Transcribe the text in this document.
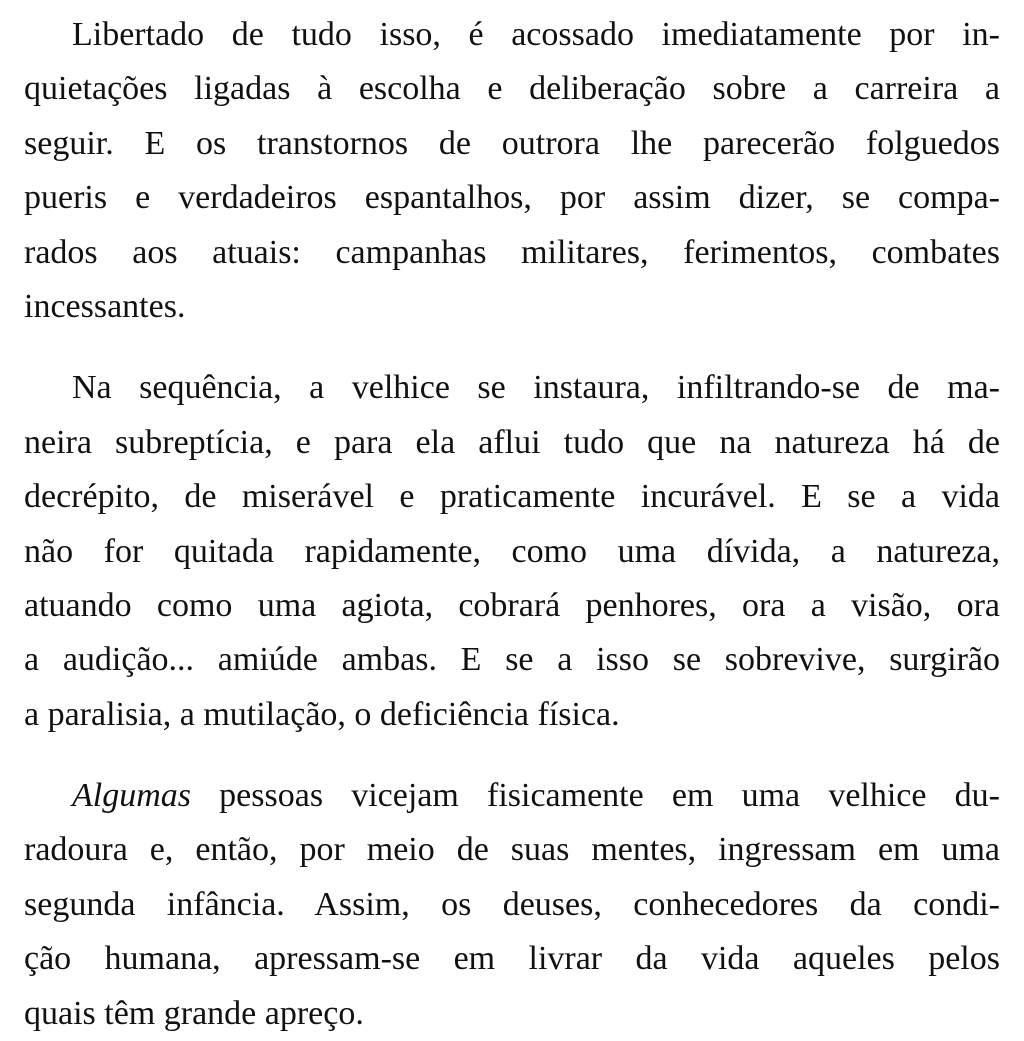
Libertado de tudo isso, é acossado imediatamente por in-
quietações ligadas à escolha e deliberação sobre a carreira a
seguir. E os transtornos de outrora lhe parecerão folguedos
pueris e verdadeiros espantalhos, por assim dizer, se compa-
rados aos atuais: campanhas militares, ferimentos, combates
incessantes.

Na sequência, a velhice se instaura, infiltrando-se de ma-
neira subreptícia, e para ela aflui tudo que na natureza há de
decrépito, de miserável e praticamente incurável. E se a vida
não for quitada rapidamente, como uma dívida, a natureza,
atuando como uma agiota, cobrará penhores, ora a visão, ora
a audição... amiúde ambas. E se a isso se sobrevive, surgirão
a paralisia, a mutilação, o deficiência física.

Algumas pessoas vicejam fisicamente em uma velhice du-
radoura e, então, por meio de suas mentes, ingressam em uma
segunda infância. Assim, os deuses, conhecedores da condi-
ção humana, apressam-se em livrar da vida aqueles pelos
quais têm grande apreço.
